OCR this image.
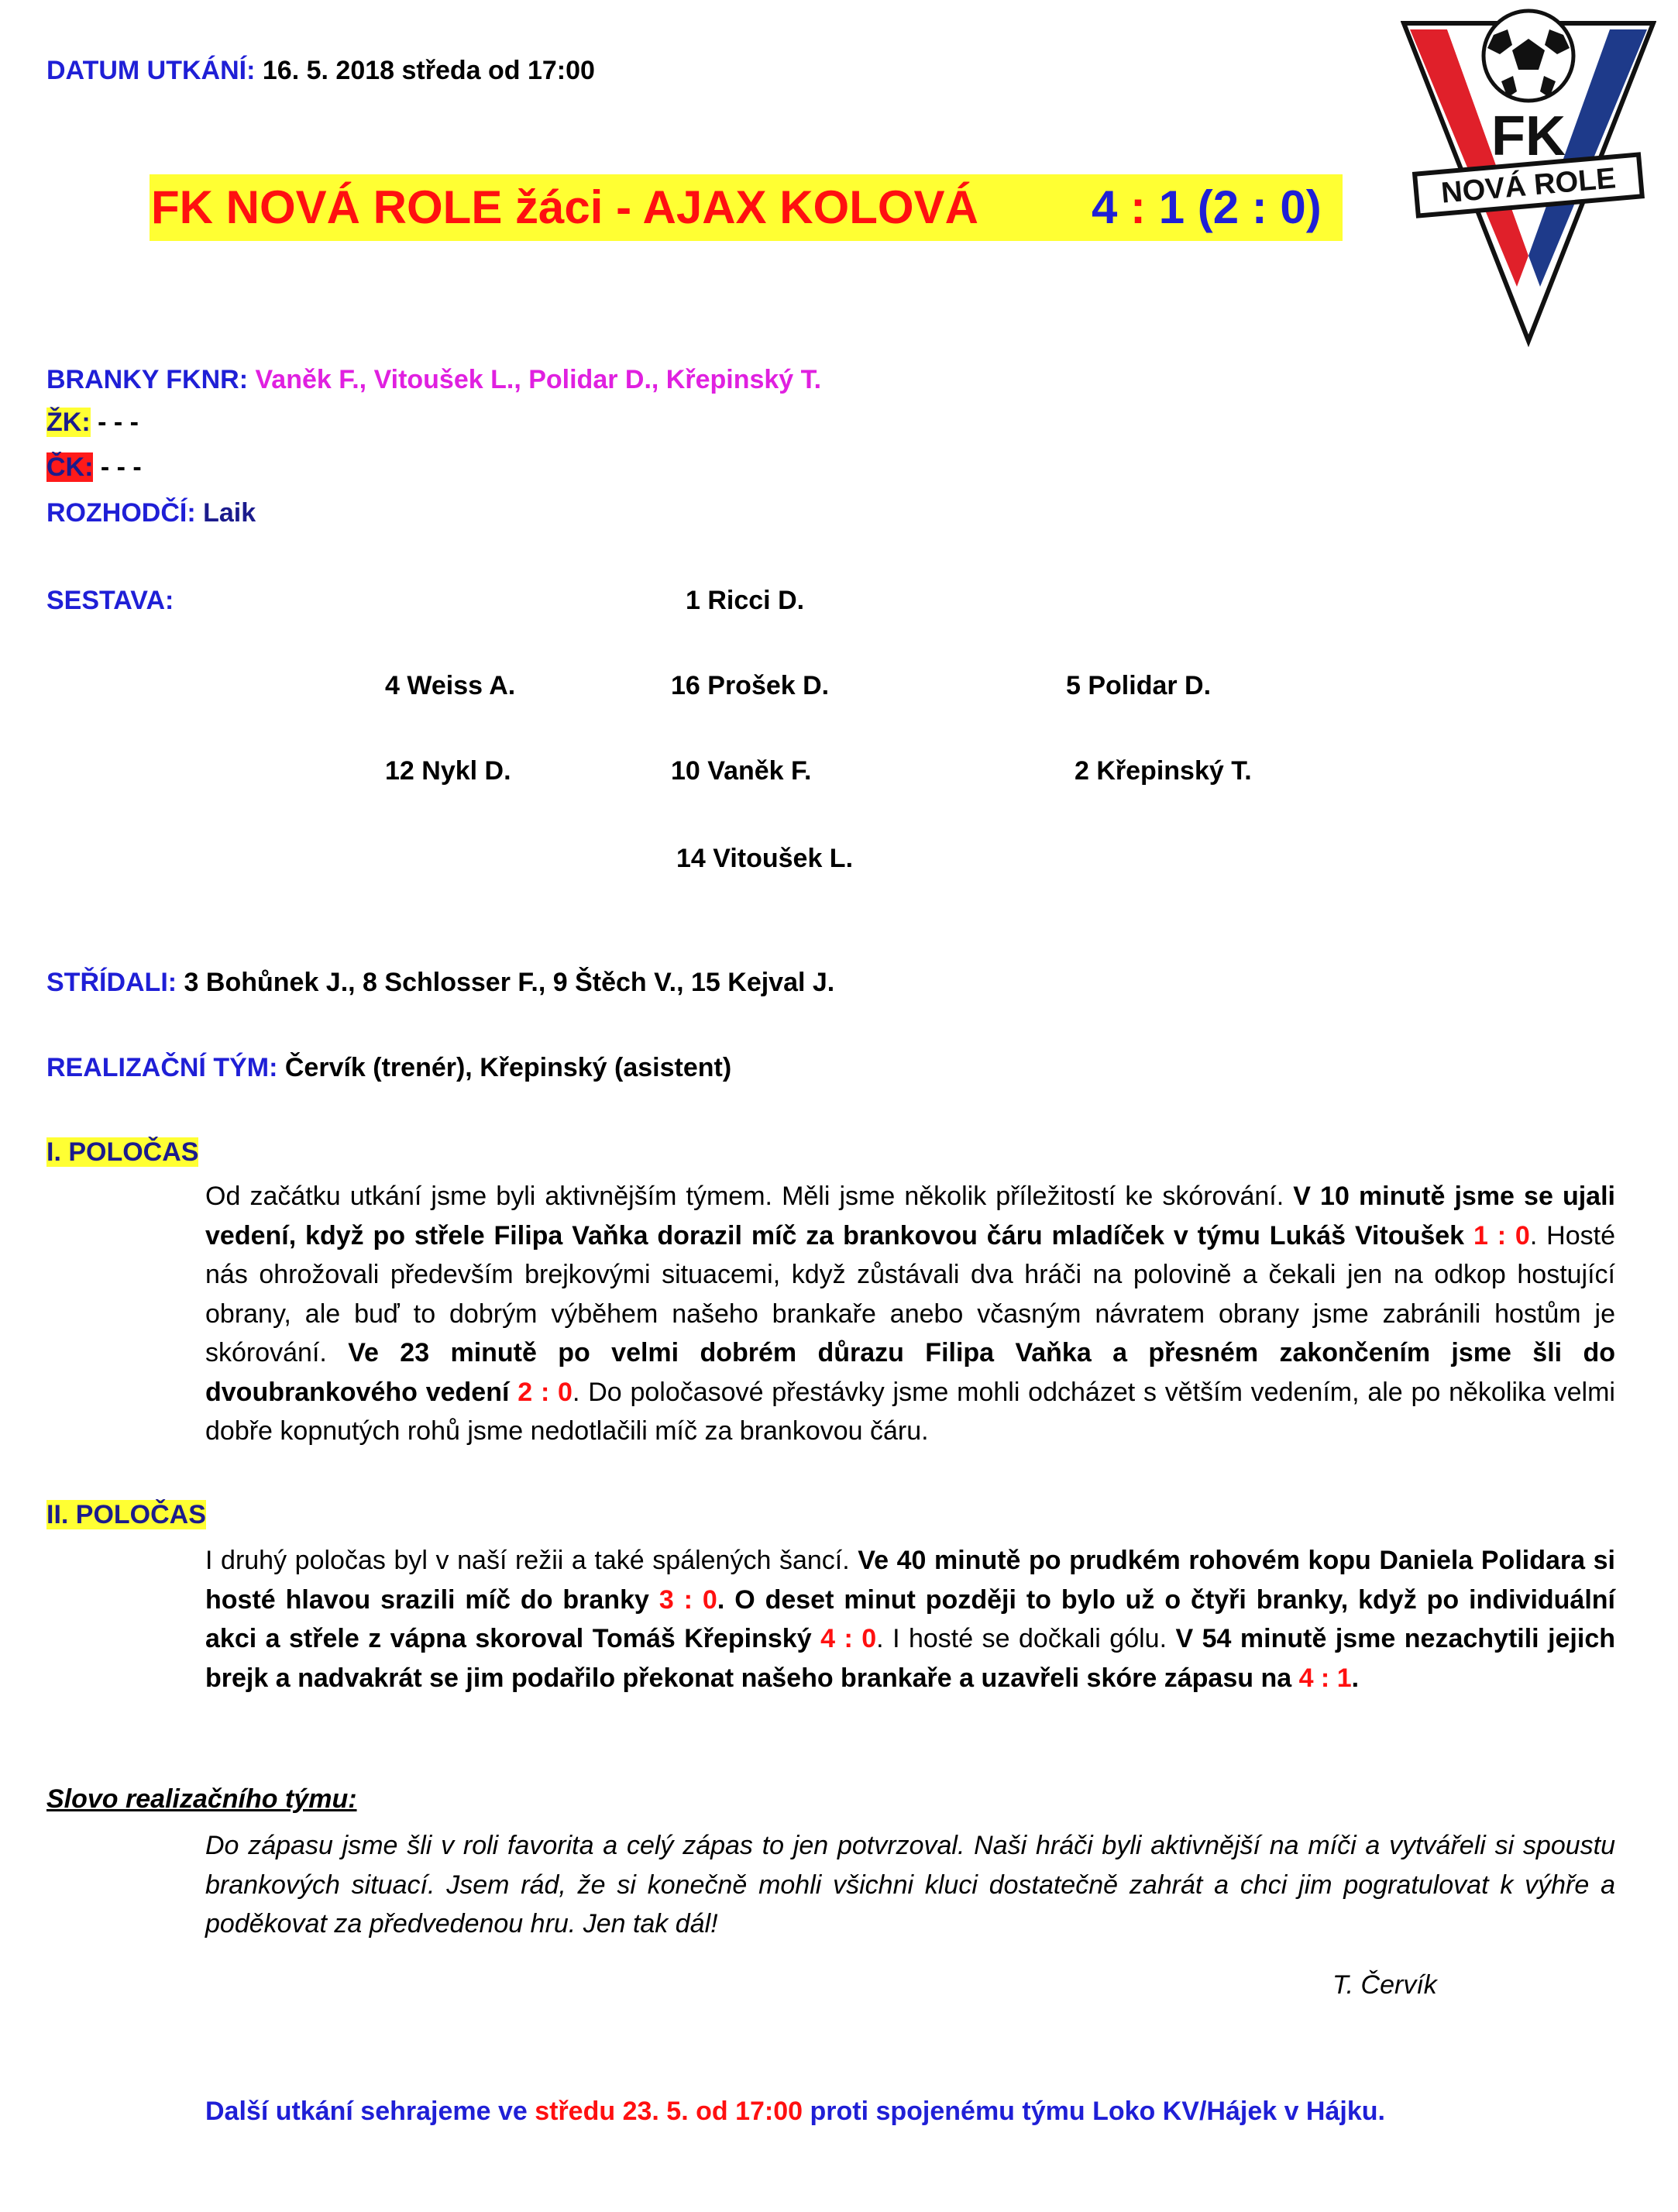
DATUM UTKÁNÍ: 16. 5. 2018 středa od 17:00
FK NOVÁ ROLE žáci - AJAX KOLOVÁ 4 : 1 (2 : 0)
FK
NOVÁ ROLE
BRANKY FKNR: Vaněk F., Vitoušek L., Polidar D., Křepinský T.
ŽK: - - -
ČK: - - -
ROZHODČÍ: Laik
SESTAVA:	1 Ricci D.
4 Weiss A.	16 Prošek D.	5 Polidar D.
12 Nykl D.	10 Vaněk F.	2 Křepinský T.
14 Vitoušek L.
STŘÍDALI: 3 Bohůnek J., 8 Schlosser F., 9 Štěch V., 15 Kejval J.
REALIZAČNÍ TÝM: Červík (trenér), Křepinský (asistent)
I. POLOČAS
Od začátku utkání jsme byli aktivnějším týmem. Měli jsme několik příležitostí ke skórování. V 10 minutě jsme se ujali vedení, když po střele Filipa Vaňka dorazil míč za brankovou čáru mladíček v týmu Lukáš Vitoušek 1 : 0. Hosté nás ohrožovali především brejkovými situacemi, když zůstávali dva hráči na polovině a čekali jen na odkop hostující obrany, ale buď to dobrým výběhem našeho brankaře anebo včasným návratem obrany jsme zabránili hostům je skórování. Ve 23 minutě po velmi dobrém důrazu Filipa Vaňka a přesném zakončením jsme šli do dvoubrankového vedení 2 : 0. Do poločasové přestávky jsme mohli odcházet s větším vedením, ale po několika velmi dobře kopnutých rohů jsme nedotlačili míč za brankovou čáru.
II. POLOČAS
I druhý poločas byl v naší režii a také spálených šancí. Ve 40 minutě po prudkém rohovém kopu Daniela Polidara si hosté hlavou srazili míč do branky 3 : 0. O deset minut později to bylo už o čtyři branky, když po individuální akci a střele z vápna skoroval Tomáš Křepinský 4 : 0. I hosté se dočkali gólu. V 54 minutě jsme nezachytili jejich brejk a nadvakrát se jim podařilo překonat našeho brankaře a uzavřeli skóre zápasu na 4 : 1.
Slovo realizačního týmu:
Do zápasu jsme šli v roli favorita a celý zápas to jen potvrzoval. Naši hráči byli aktivnější na míči a vytvářeli si spoustu brankových situací. Jsem rád, že si konečně mohli všichni kluci dostatečně zahrát a chci jim pogratulovat k výhře a poděkovat za předvedenou hru. Jen tak dál!
T. Červík
Další utkání sehrajeme ve středu 23. 5. od 17:00 proti spojenému týmu Loko KV/Hájek v Hájku.
